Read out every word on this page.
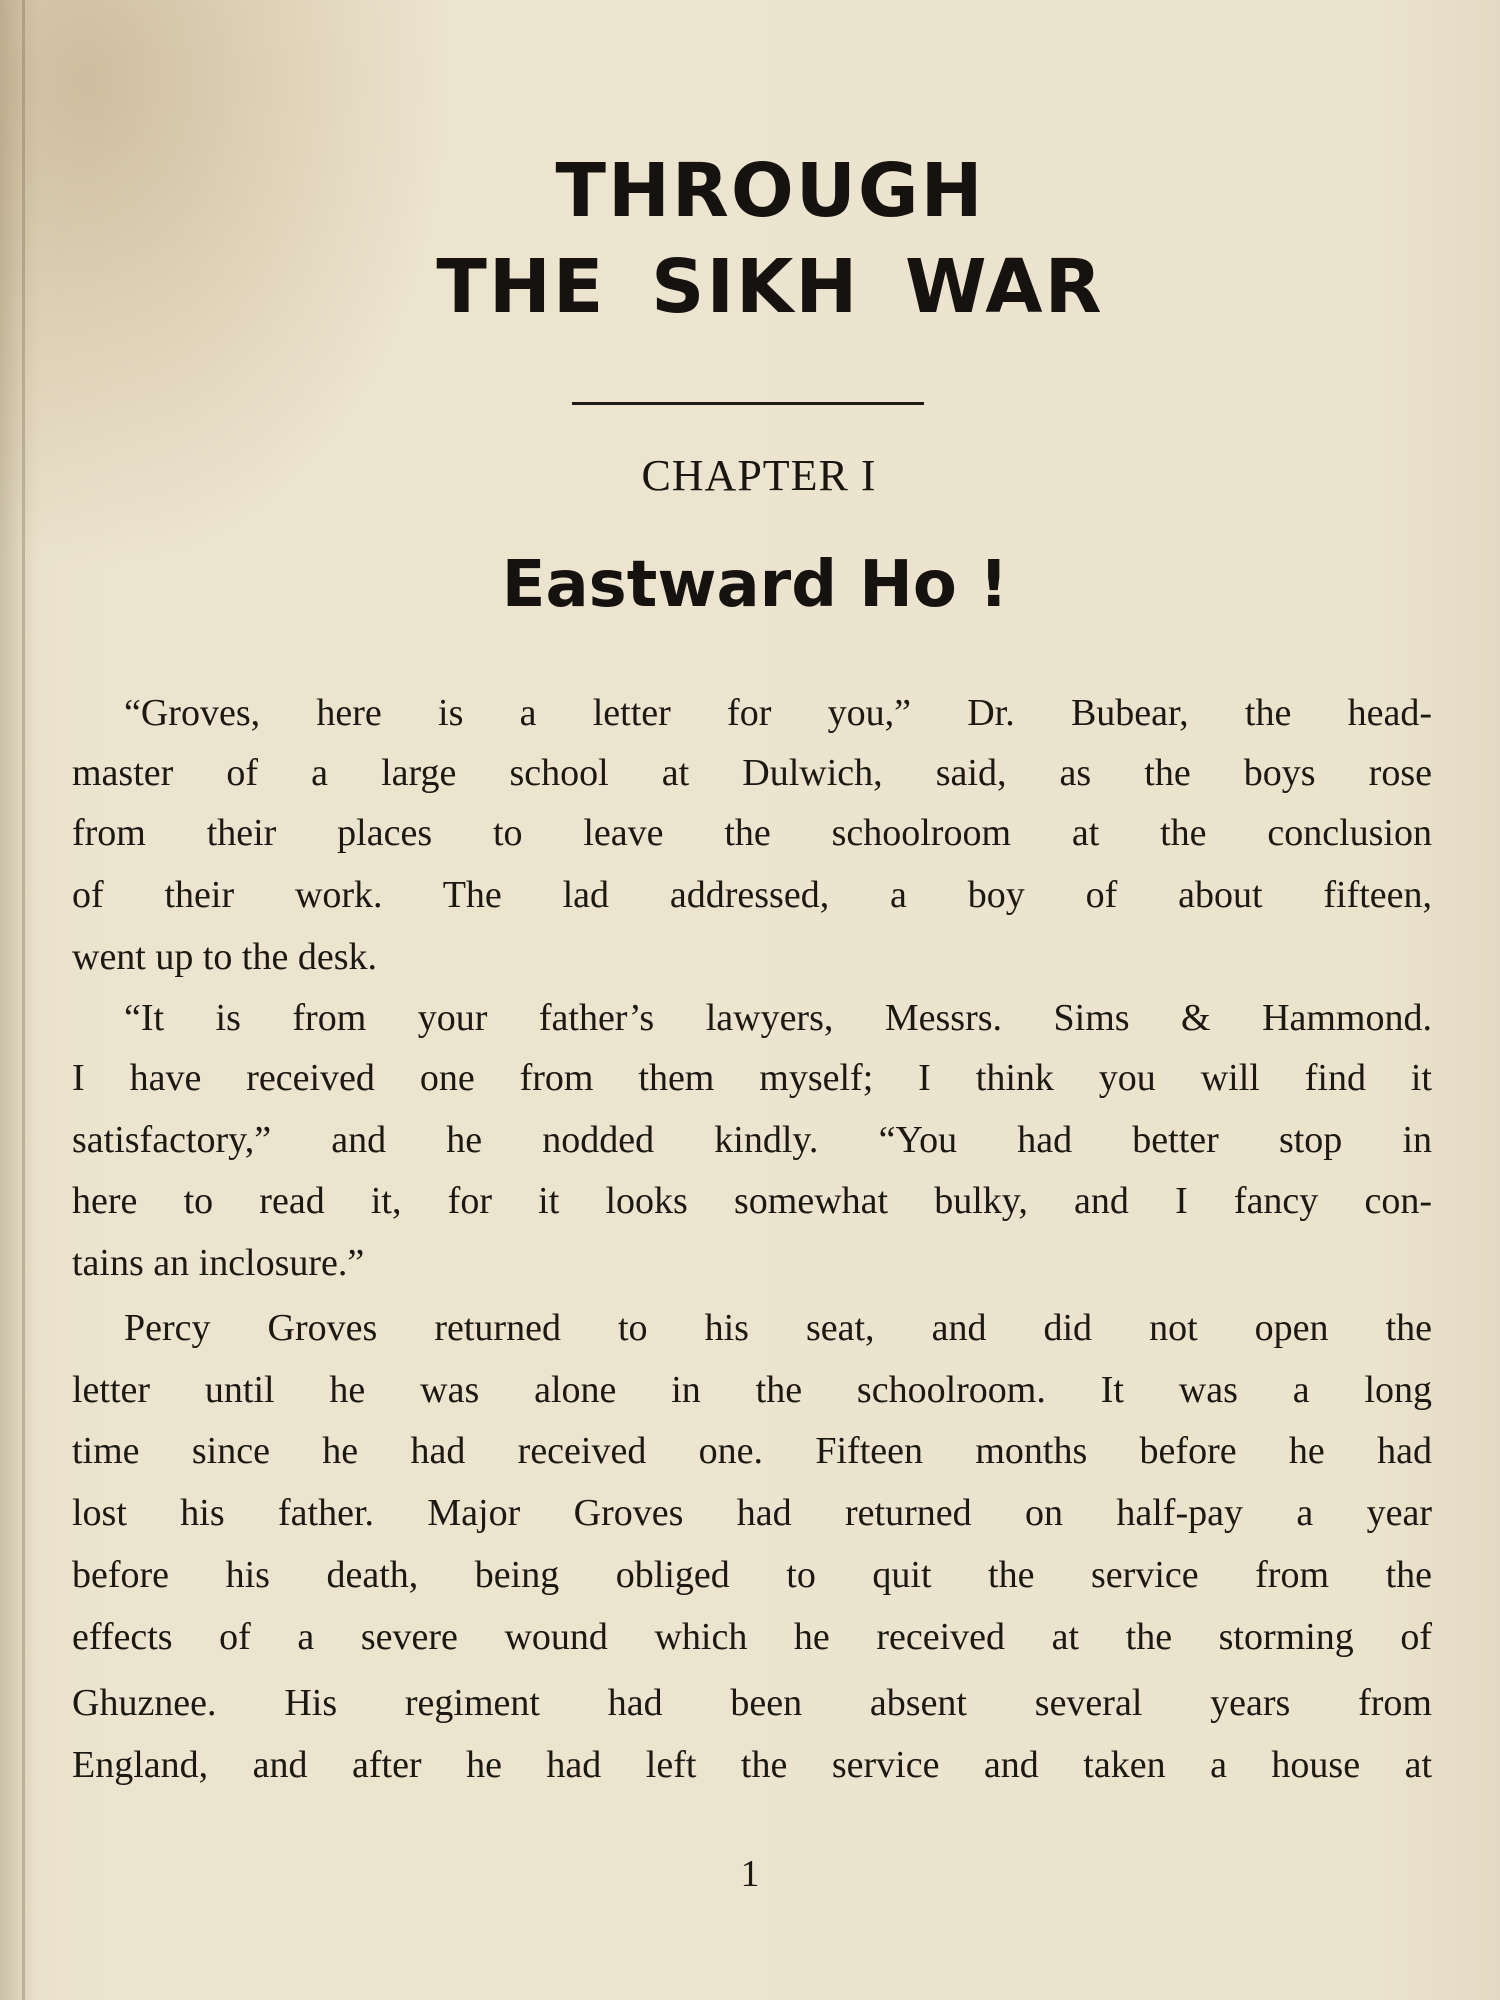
THROUGH
THE SIKH WAR
CHAPTER I
Eastward Ho !
“Groves, here is a letter for you,” Dr. Bubear, the head-
master of a large school at Dulwich, said, as the boys rose
from their places to leave the schoolroom at the conclusion
of their work. The lad addressed, a boy of about fifteen,
went up to the desk.
“It is from your father’s lawyers, Messrs. Sims & Hammond.
I have received one from them myself; I think you will find it
satisfactory,” and he nodded kindly. “You had better stop in
here to read it, for it looks somewhat bulky, and I fancy con-
tains an inclosure.”
Percy Groves returned to his seat, and did not open the
letter until he was alone in the schoolroom. It was a long
time since he had received one. Fifteen months before he had
lost his father. Major Groves had returned on half-pay a year
before his death, being obliged to quit the service from the
effects of a severe wound which he received at the storming of
Ghuznee. His regiment had been absent several years from
England, and after he had left the service and taken a house at
1
